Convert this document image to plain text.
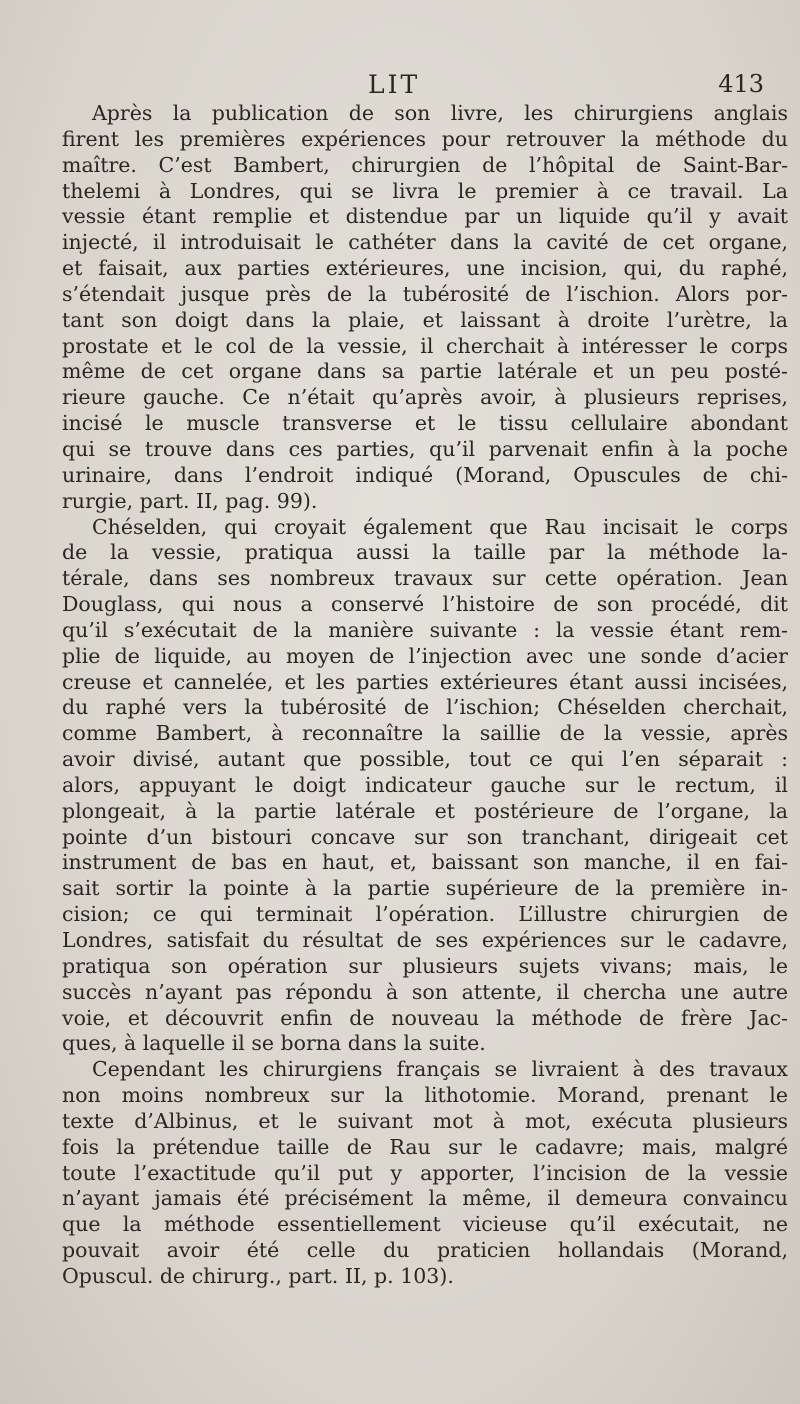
LIT	413
Après la publication de son livre, les chirurgiens anglais
firent les premières expériences pour retrouver la méthode du
maître. C’est Bambert, chirurgien de l’hôpital de Saint-Bar-
thelemi à Londres, qui se livra le premier à ce travail. La
vessie étant remplie et distendue par un liquide qu’il y avait
injecté, il introduisait le cathéter dans la cavité de cet organe,
et faisait, aux parties extérieures, une incision, qui, du raphé,
s’étendait jusque près de la tubérosité de l’ischion. Alors por-
tant son doigt dans la plaie, et laissant à droite l’urètre, la
prostate et le col de la vessie, il cherchait à intéresser le corps
même de cet organe dans sa partie latérale et un peu posté-
rieure gauche. Ce n’était qu’après avoir, à plusieurs reprises,
incisé le muscle transverse et le tissu cellulaire abondant
qui se trouve dans ces parties, qu’il parvenait enfin à la poche
urinaire, dans l’endroit indiqué (Morand, Opuscules de chi-
rurgie, part. II, pag. 99).
Chéselden, qui croyait également que Rau incisait le corps
de la vessie, pratiqua aussi la taille par la méthode la-
térale, dans ses nombreux travaux sur cette opération. Jean
Douglass, qui nous a conservé l’histoire de son procédé, dit
qu’il s’exécutait de la manière suivante : la vessie étant rem-
plie de liquide, au moyen de l’injection avec une sonde d’acier
creuse et cannelée, et les parties extérieures étant aussi incisées,
du raphé vers la tubérosité de l’ischion; Chéselden cherchait,
comme Bambert, à reconnaître la saillie de la vessie, après
avoir divisé, autant que possible, tout ce qui l’en séparait :
alors, appuyant le doigt indicateur gauche sur le rectum, il
plongeait, à la partie latérale et postérieure de l’organe, la
pointe d’un bistouri concave sur son tranchant, dirigeait cet
instrument de bas en haut, et, baissant son manche, il en fai-
sait sortir la pointe à la partie supérieure de la première in-
cision; ce qui terminait l’opération. L’illustre chirurgien de
Londres, satisfait du résultat de ses expériences sur le cadavre,
pratiqua son opération sur plusieurs sujets vivans; mais, le
succès n’ayant pas répondu à son attente, il chercha une autre
voie, et découvrit enfin de nouveau la méthode de frère Jac-
ques, à laquelle il se borna dans la suite.
Cependant les chirurgiens français se livraient à des travaux
non moins nombreux sur la lithotomie. Morand, prenant le
texte d’Albinus, et le suivant mot à mot, exécuta plusieurs
fois la prétendue taille de Rau sur le cadavre; mais, malgré
toute l’exactitude qu’il put y apporter, l’incision de la vessie
n’ayant jamais été précisément la même, il demeura convaincu
que la méthode essentiellement vicieuse qu’il exécutait, ne
pouvait avoir été celle du praticien hollandais (Morand,
Opuscul. de chirurg., part. II, p. 103).
